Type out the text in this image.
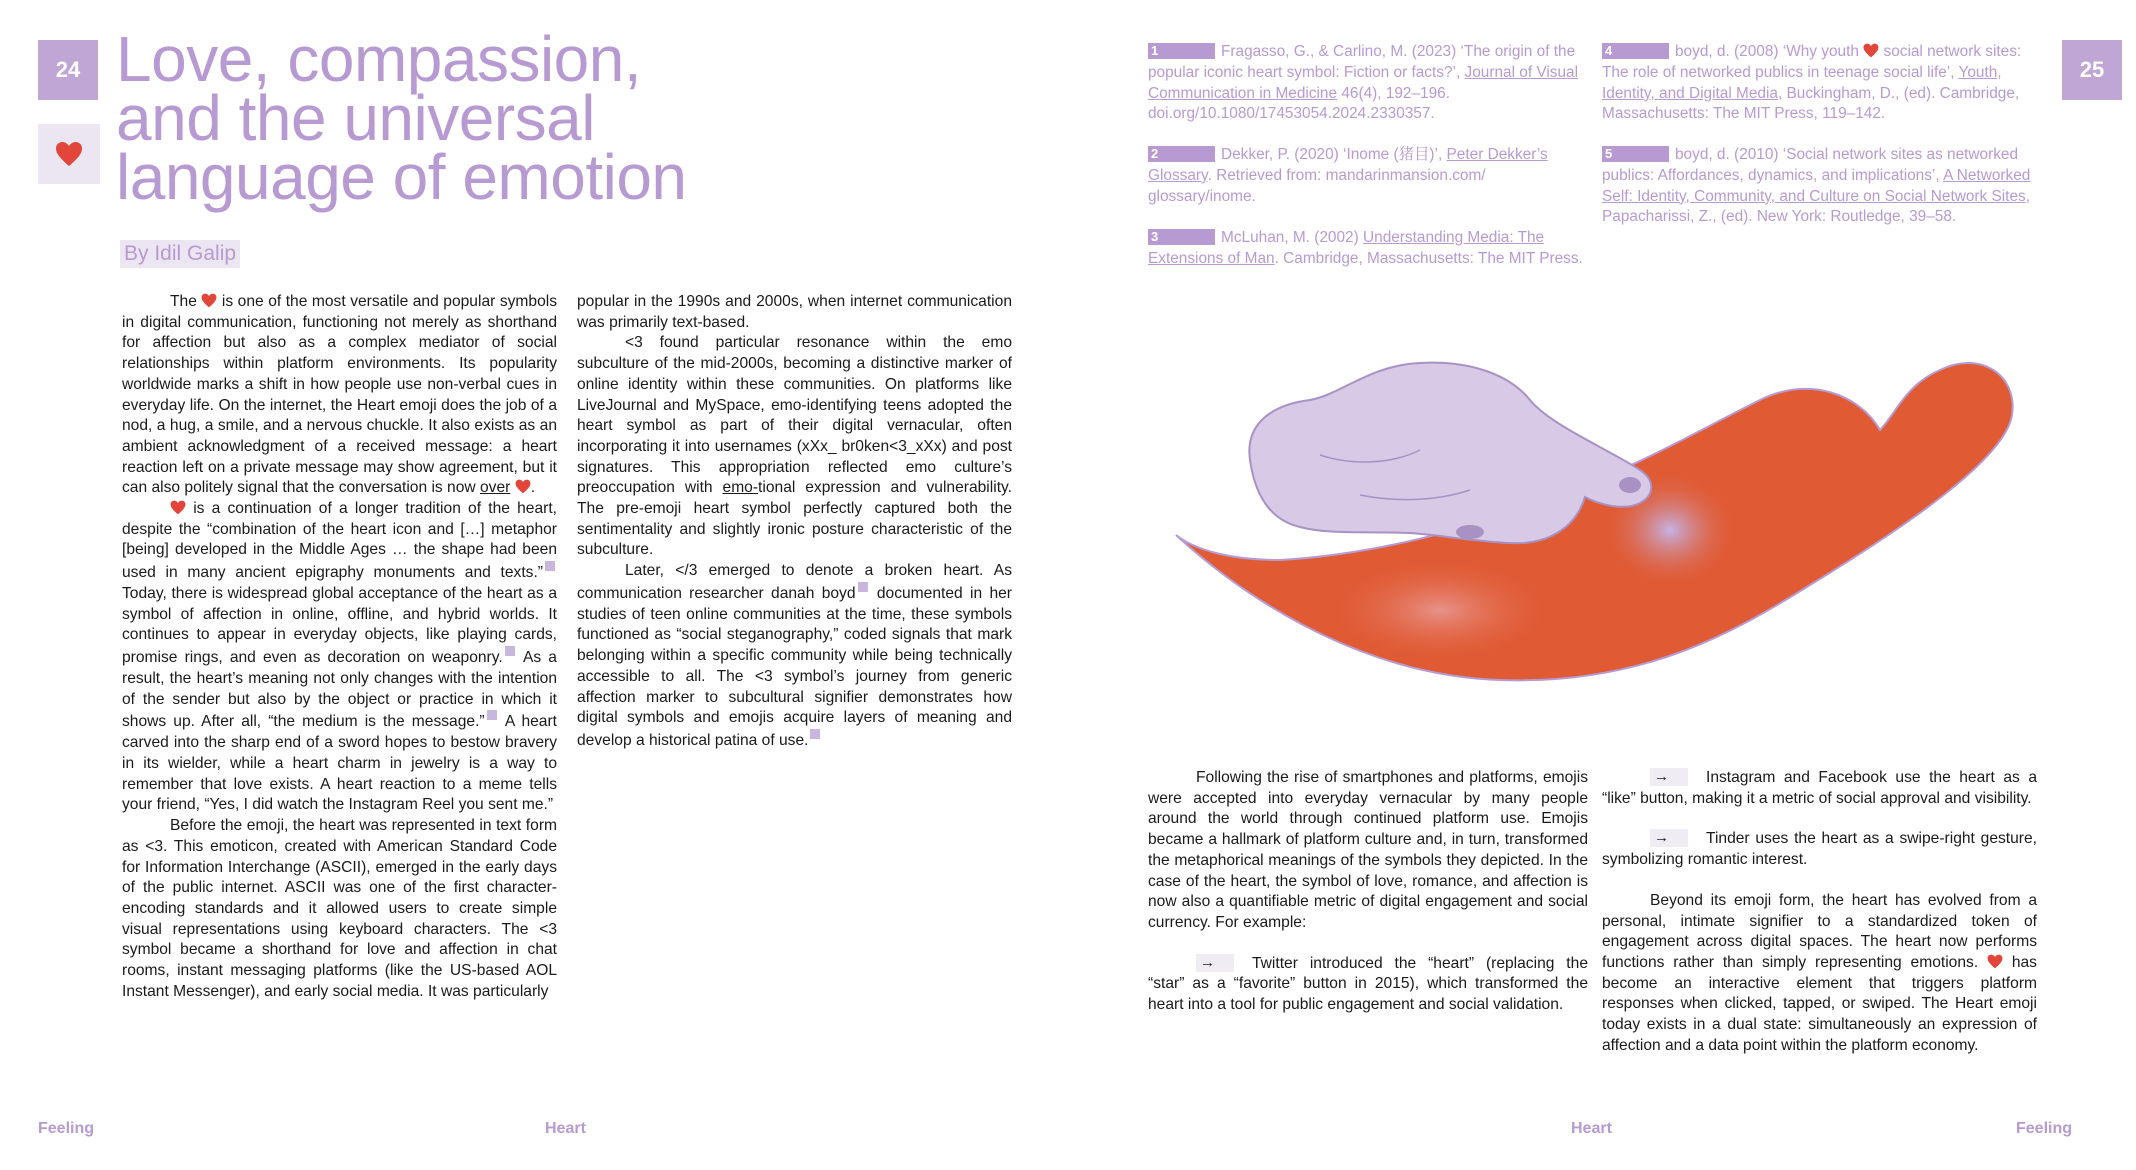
24 Love, compassion,
and the universal
language of emotion
By Idil Galip

The  is one of the most versatile and popular symbols in digital communication, functioning not merely as shorthand for affection but also as a complex mediator of social relationships within platform environments. Its popularity worldwide marks a shift in how people use non-verbal cues in everyday life. On the internet, the Heart emoji does the job of a nod, a hug, a smile, and a nervous chuckle. It also exists as an ambient acknowledgment of a received message: a heart reaction left on a private message may show agreement, but it can also politely signal that the conversation is now over .

is a continuation of a longer tradition of the heart, despite the “combination of the heart icon and […] metaphor [being] developed in the Middle Ages … the shape had been used in many ancient epigraphy monuments and texts.” Today, there is widespread global acceptance of the heart as a symbol of affection in online, offline, and hybrid worlds. It continues to appear in everyday objects, like playing cards, promise rings, and even as decoration on weaponry. As a result, the heart’s meaning not only changes with the intention of the sender but also by the object or practice in which it shows up. After all, “the medium is the message.” A heart carved into the sharp end of a sword hopes to bestow bravery in its wielder, while a heart charm in jewelry is a way to remember that love exists. A heart reaction to a meme tells your friend, “Yes, I did watch the Instagram Reel you sent me.”

Before the emoji, the heart was represented in text form as <3. This emoticon, created with American Standard Code for Information Interchange (ASCII), emerged in the early days of the public internet. ASCII was one of the first character-encoding standards and it allowed users to create simple visual representations using keyboard characters. The <3 symbol became a shorthand for love and affection in chat rooms, instant messaging platforms (like the US-based AOL Instant Messenger), and early social media. It was particularly

popular in the 1990s and 2000s, when internet communication was primarily text-based.

<3 found particular resonance within the emo subculture of the mid-2000s, becoming a distinctive marker of online identity within these communities. On platforms like LiveJournal and MySpace, emo-identifying teens adopted the heart symbol as part of their digital vernacular, often incorporating it into usernames (xXx_ br0ken<3_xXx) and post signatures. This appropriation reflected emo culture’s preoccupation with emo-tional expression and vulnerability. The pre-emoji heart symbol perfectly captured both the sentimentality and slightly ironic posture characteristic of the subculture.

Later, </3 emerged to denote a broken heart. As communication researcher danah boyd documented in her studies of teen online communities at the time, these symbols functioned as “social steganography,” coded signals that mark belonging within a specific community while being technically accessible to all. The <3 symbol’s journey from generic affection marker to subcultural signifier demonstrates how digital symbols and emojis acquire layers of meaning and develop a historical patina of use.

Feeling	Heart
25
1	Fragasso, G., & Carlino, M. (2023) ‘The origin of the popular iconic heart symbol: Fiction or facts?’, Journal of Visual Communication in Medicine 46(4), 192–196. doi.org/10.1080/17453054.2024.2330357.
2	Dekker, P. (2020) ‘Inome (猪目)’, Peter Dekker’s Glossary. Retrieved from: mandarinmansion.com/ glossary/inome.
3	McLuhan, M. (2002) Understanding Media: The Extensions of Man. Cambridge, Massachusetts: The MIT Press.
4	boyd, d. (2008) ‘Why youth  social network sites: The role of networked publics in teenage social life’, Youth, Identity, and Digital Media, Buckingham, D., (ed). Cambridge, Massachusetts: The MIT Press, 119–142.
5	boyd, d. (2010) ‘Social network sites as networked publics: Affordances, dynamics, and implications’, A Networked Self: Identity, Community, and Culture on Social Network Sites, Papacharissi, Z., (ed). New York: Routledge, 39–58.

Following the rise of smartphones and platforms, emojis were accepted into everyday vernacular by many people around the world through continued platform use. Emojis became a hallmark of platform culture and, in turn, transformed the metaphorical meanings of the symbols they depicted. In the case of the heart, the symbol of love, romance, and affection is now also a quantifiable metric of digital engagement and social currency. For example:

→ Twitter introduced the “heart” (replacing the “star” as a “favorite” button in 2015), which transformed the heart into a tool for public engagement and social validation.

→ Instagram and Facebook use the heart as a “like” button, making it a metric of social approval and visibility.

→ Tinder uses the heart as a swipe-right gesture, symbolizing romantic interest.

Beyond its emoji form, the heart has evolved from a personal, intimate signifier to a standardized token of engagement across digital spaces. The heart now performs functions rather than simply representing emotions.  has become an interactive element that triggers platform responses when clicked, tapped, or swiped. The Heart emoji today exists in a dual state: simultaneously an expression of affection and a data point within the platform economy.

Heart	Feeling
